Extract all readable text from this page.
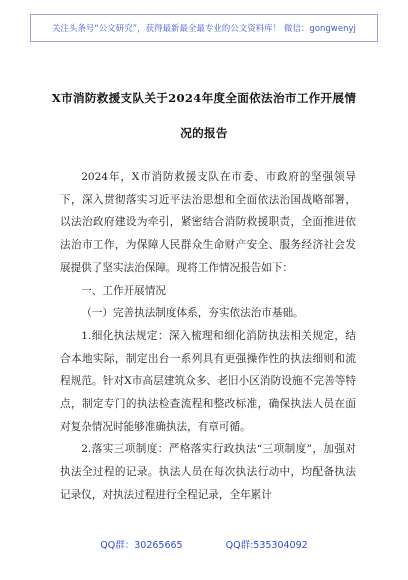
关注头条号“公文研究”，获得最新最全最专业的公文资料库！ 微信：gongwenyj
X市消防救援支队关于2024年度全面依法治市工作开展情
况的报告

2024年，X市消防救援支队在市委、市政府的坚强领导下，深入贯彻落实习近平法治思想和全面依法治国战略部署，以法治政府建设为牵引，紧密结合消防救援职责，全面推进依法治市工作，为保障人民群众生命财产安全、服务经济社会发展提供了坚实法治保障。现将工作情况报告如下：

一、工作开展情况

（一）完善执法制度体系，夯实依法治市基础。

1.细化执法规定：深入梳理和细化消防执法相关规定，结合本地实际，制定出台一系列具有更强操作性的执法细则和流程规范。针对X市高层建筑众多、老旧小区消防设施不完善等特点，制定专门的执法检查流程和整改标准，确保执法人员在面对复杂情况时能够准确执法，有章可循。

2.落实三项制度：严格落实行政执法“三项制度”，加强对执法全过程的记录。执法人员在每次执法行动中，均配备执法记录仪，对执法过程进行全程记录，全年累计

QQ群：30265665	QQ群:535304092
